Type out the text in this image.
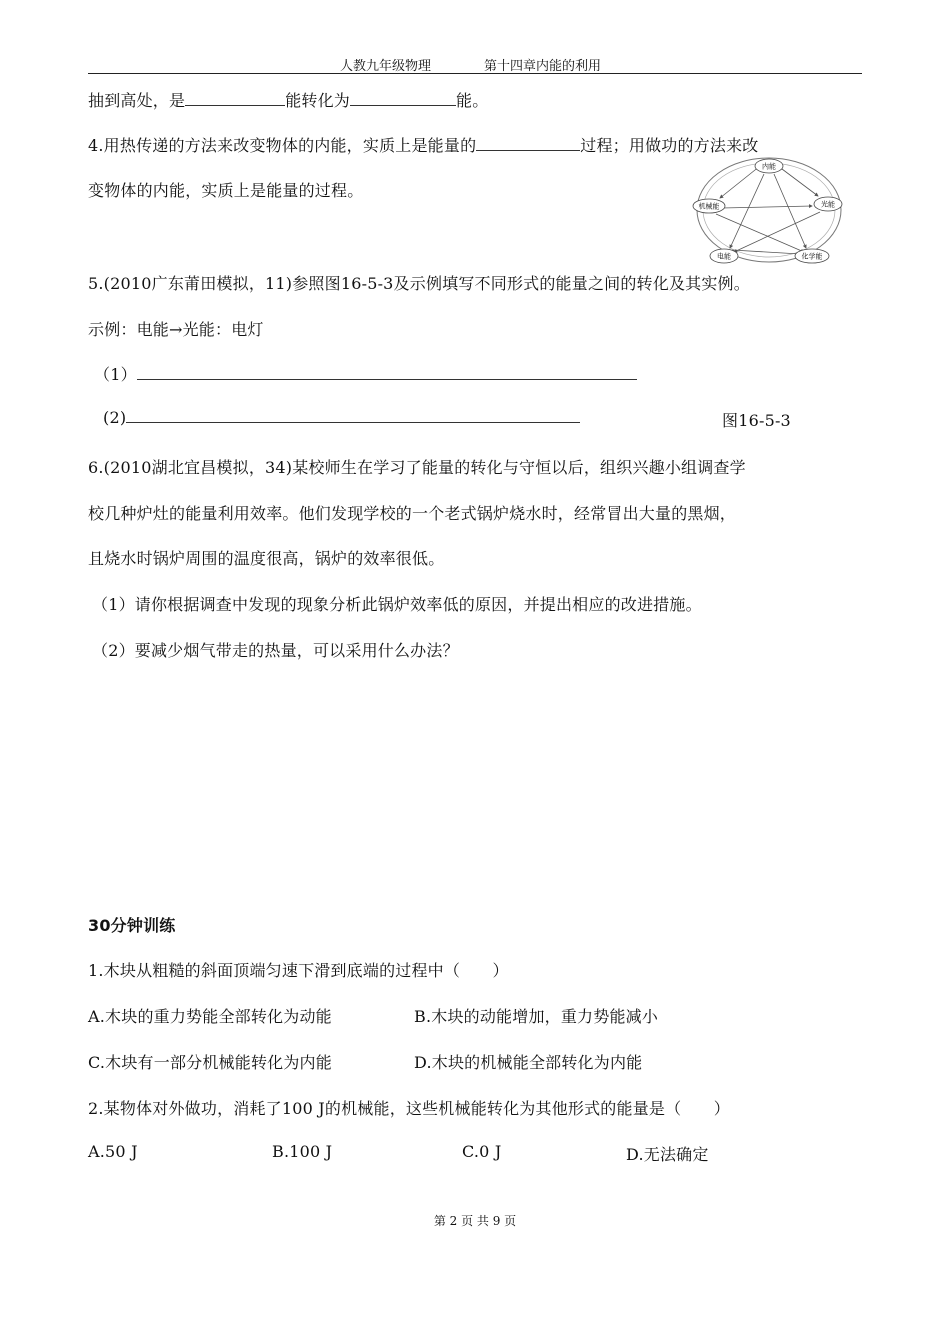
人教九年级物理	第十四章内能的利用
抽到高处，是	能转化为	能。
4.用热传递的方法来改变物体的内能，实质上是能量的	过程；用做功的方法来改
变物体的内能，实质上是能量的过程。
内能
光能
化学能
电能
机械能
5.(2010广东莆田模拟，11)参照图16-5-3及示例填写不同形式的能量之间的转化及其实例。
示例：电能→光能：电灯
（1）
(2)	图16-5-3
6.(2010湖北宜昌模拟，34)某校师生在学习了能量的转化与守恒以后，组织兴趣小组调查学
校几种炉灶的能量利用效率。他们发现学校的一个老式锅炉烧水时，经常冒出大量的黑烟，
且烧水时锅炉周围的温度很高，锅炉的效率很低。
（1）请你根据调查中发现的现象分析此锅炉效率低的原因，并提出相应的改进措施。
（2）要减少烟气带走的热量，可以采用什么办法？
30分钟训练
1.木块从粗糙的斜面顶端匀速下滑到底端的过程中（　　）
A.木块的重力势能全部转化为动能	B.木块的动能增加，重力势能减小
C.木块有一部分机械能转化为内能	D.木块的机械能全部转化为内能
2.某物体对外做功，消耗了100 J的机械能，这些机械能转化为其他形式的能量是（　　）
A.50 J	B.100 J	C.0 J	D.无法确定
第 2 页 共 9 页
